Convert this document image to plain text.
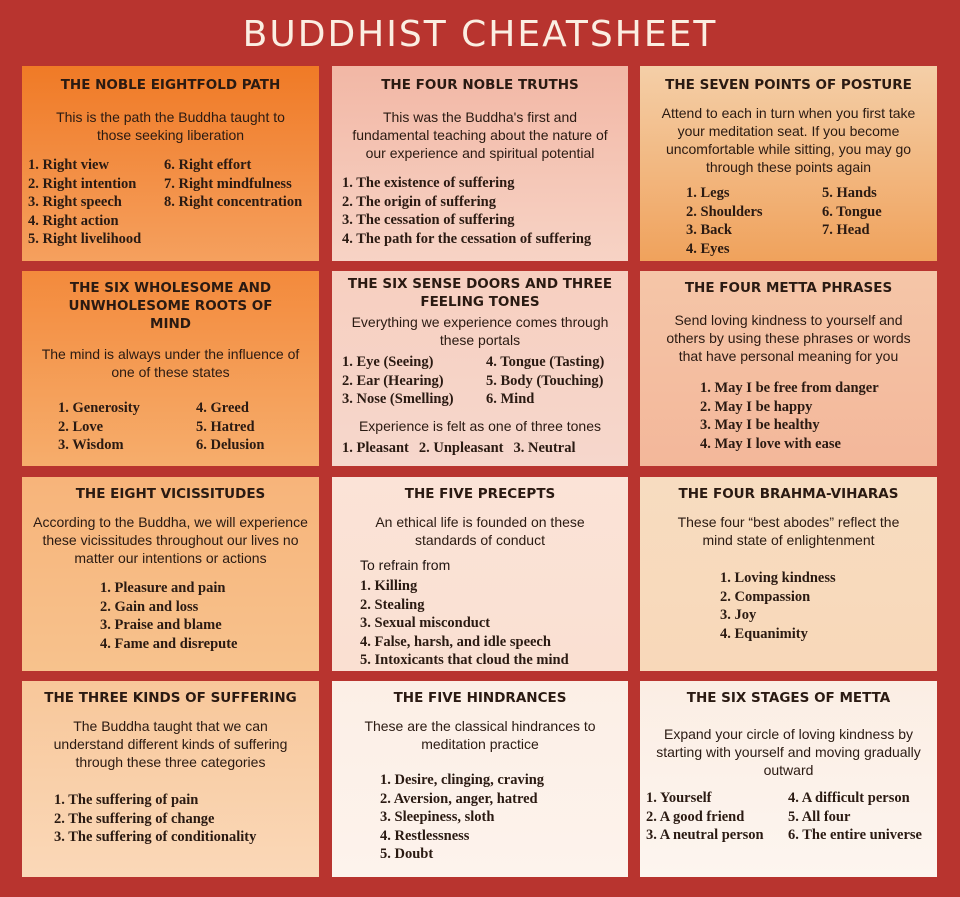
BUDDHIST CHEATSHEET
THE NOBLE EIGHTFOLD PATH
This is the path the Buddha taught to those seeking liberation
1. Right view
2. Right intention
3. Right speech
4. Right action
5. Right livelihood
6. Right effort
7. Right mindfulness
8. Right concentration
THE FOUR NOBLE TRUTHS
This was the Buddha's first and fundamental teaching about the nature of our experience and spiritual potential
1. The existence of suffering
2. The origin of suffering
3. The cessation of suffering
4. The path for the cessation of suffering
THE SEVEN POINTS OF POSTURE
Attend to each in turn when you first take your meditation seat. If you become uncomfortable while sitting, you may go through these points again
1. Legs
2. Shoulders
3. Back
4. Eyes
5. Hands
6. Tongue
7. Head
THE SIX WHOLESOME AND UNWHOLESOME ROOTS OF MIND
The mind is always under the influence of one of these states
1. Generosity
2. Love
3. Wisdom
4. Greed
5. Hatred
6. Delusion
THE SIX SENSE DOORS AND THREE FEELING TONES
Everything we experience comes through these portals
1. Eye (Seeing)
2. Ear (Hearing)
3. Nose (Smelling)
4. Tongue (Tasting)
5. Body (Touching)
6. Mind
Experience is felt as one of three tones
1. Pleasant 2. Unpleasant 3. Neutral
THE FOUR METTA PHRASES
Send loving kindness to yourself and others by using these phrases or words that have personal meaning for you
1. May I be free from danger
2. May I be happy
3. May I be healthy
4. May I love with ease
THE EIGHT VICISSITUDES
According to the Buddha, we will experience these vicissitudes throughout our lives no matter our intentions or actions
1. Pleasure and pain
2. Gain and loss
3. Praise and blame
4. Fame and disrepute
THE FIVE PRECEPTS
An ethical life is founded on these standards of conduct
To refrain from
1. Killing
2. Stealing
3. Sexual misconduct
4. False, harsh, and idle speech
5. Intoxicants that cloud the mind
THE FOUR BRAHMA-VIHARAS
These four “best abodes” reflect the mind state of enlightenment
1. Loving kindness
2. Compassion
3. Joy
4. Equanimity
THE THREE KINDS OF SUFFERING
The Buddha taught that we can understand different kinds of suffering through these three categories
1. The suffering of pain
2. The suffering of change
3. The suffering of conditionality
THE FIVE HINDRANCES
These are the classical hindrances to meditation practice
1. Desire, clinging, craving
2. Aversion, anger, hatred
3. Sleepiness, sloth
4. Restlessness
5. Doubt
THE SIX STAGES OF METTA
Expand your circle of loving kindness by starting with yourself and moving gradually outward
1. Yourself
2. A good friend
3. A neutral person
4. A difficult person
5. All four
6. The entire universe
